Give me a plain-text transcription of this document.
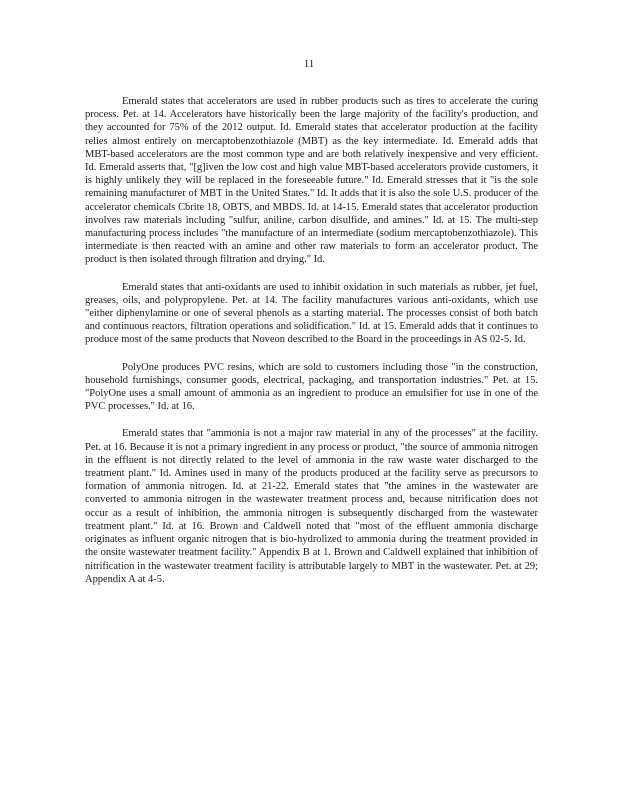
11

Emerald states that accelerators are used in rubber products such as tires to accelerate the curing process. Pet. at 14. Accelerators have historically been the large majority of the facility's production, and they accounted for 75% of the 2012 output. Id. Emerald states that accelerator production at the facility relies almost entirely on mercaptobenzothiazole (MBT) as the key intermediate. Id. Emerald adds that MBT-based accelerators are the most common type and are both relatively inexpensive and very efficient. Id. Emerald asserts that, "[g]iven the low cost and high value MBT-based accelerators provide customers, it is highly unlikely they will be replaced in the foreseeable future." Id. Emerald stresses that it "is the sole remaining manufacturer of MBT in the United States." Id. It adds that it is also the sole U.S. producer of the accelerator chemicals Cbrite 18, OBTS, and MBDS. Id. at 14-15. Emerald states that accelerator production involves raw materials including "sulfur, aniline, carbon disulfide, and amines." Id. at 15. The multi-step manufacturing process includes "the manufacture of an intermediate (sodium mercaptobenzothiazole). This intermediate is then reacted with an amine and other raw materials to form an accelerator product. The product is then isolated through filtration and drying." Id.

Emerald states that anti-oxidants are used to inhibit oxidation in such materials as rubber, jet fuel, greases, oils, and polypropylene. Pet. at 14. The facility manufactures various anti-oxidants, which use "either diphenylamine or one of several phenols as a starting material. The processes consist of both batch and continuous reactors, filtration operations and solidification." Id. at 15. Emerald adds that it continues to produce most of the same products that Noveon described to the Board in the proceedings in AS 02-5. Id.

PolyOne produces PVC resins, which are sold to customers including those "in the construction, household furnishings, consumer goods, electrical, packaging, and transportation industries." Pet. at 15. "PolyOne uses a small amount of ammonia as an ingredient to produce an emulsifier for use in one of the PVC processes." Id. at 16.

Emerald states that "ammonia is not a major raw material in any of the processes" at the facility. Pet. at 16. Because it is not a primary ingredient in any process or product, "the source of ammonia nitrogen in the effluent is not directly related to the level of ammonia in the raw waste water discharged to the treatment plant." Id. Amines used in many of the products produced at the facility serve as precursors to formation of ammonia nitrogen. Id. at 21-22. Emerald states that "the amines in the wastewater are converted to ammonia nitrogen in the wastewater treatment process and, because nitrification does not occur as a result of inhibition, the ammonia nitrogen is subsequently discharged from the wastewater treatment plant." Id. at 16. Brown and Caldwell noted that "most of the effluent ammonia discharge originates as influent organic nitrogen that is bio-hydrolized to ammonia during the treatment provided in the onsite wastewater treatment facility." Appendix B at 1. Brown and Caldwell explained that inhibition of nitrification in the wastewater treatment facility is attributable largely to MBT in the wastewater. Pet. at 29; Appendix A at 4-5.
